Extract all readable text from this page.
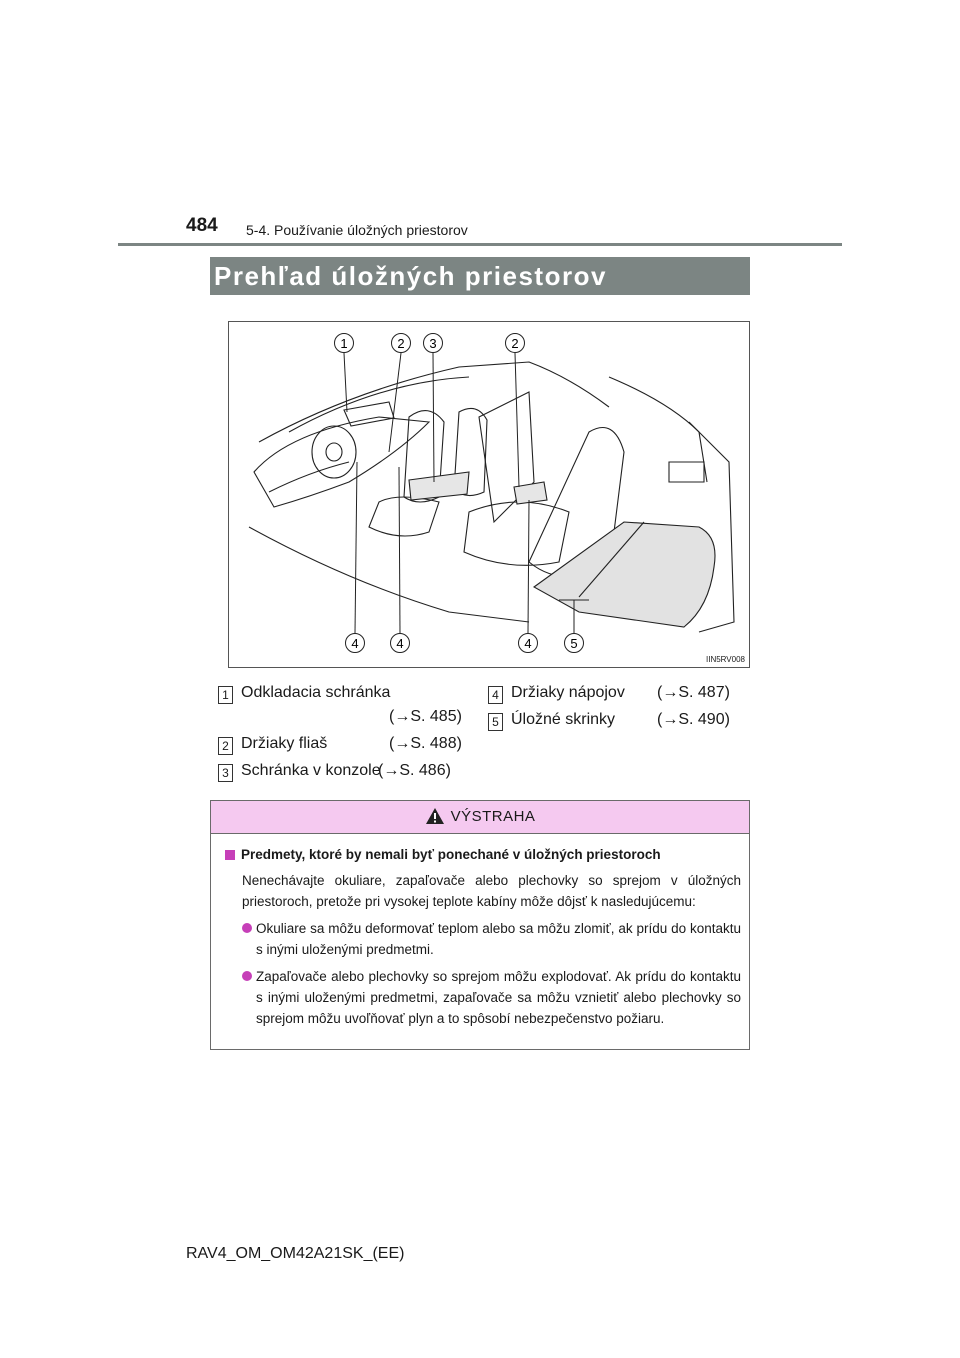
484 5-4. Používanie úložných priestorov
Prehľad úložných priestorov
1	2 3	2
4	4	4	5
IIN5RV008
1 Odkladacia schránka
(→S. 485)
2 Držiaky fliaš	(→S. 488)
3 Schránka v konzole
(→S. 486)
4 Držiaky nápojov (→S. 487)
5 Úložné skrinky	(→S. 490)
VÝSTRAHA
Predmety, ktoré by nemali byť ponechané v úložných priestoroch
Nenechávajte okuliare, zapaľovače alebo plechovky so sprejom v úložných priestoroch, pretože pri vysokej teplote kabíny môže dôjsť k nasledujúcemu:
Okuliare sa môžu deformovať teplom alebo sa môžu zlomiť, ak prídu do kontaktu s inými uloženými predmetmi.
Zapaľovače alebo plechovky so sprejom môžu explodovať. Ak prídu do kontaktu s inými uloženými predmetmi, zapaľovače sa môžu vznietiť alebo plechovky so sprejom môžu uvoľňovať plyn a to spôsobí nebezpečenstvo požiaru.
RAV4_OM_OM42A21SK_(EE)
